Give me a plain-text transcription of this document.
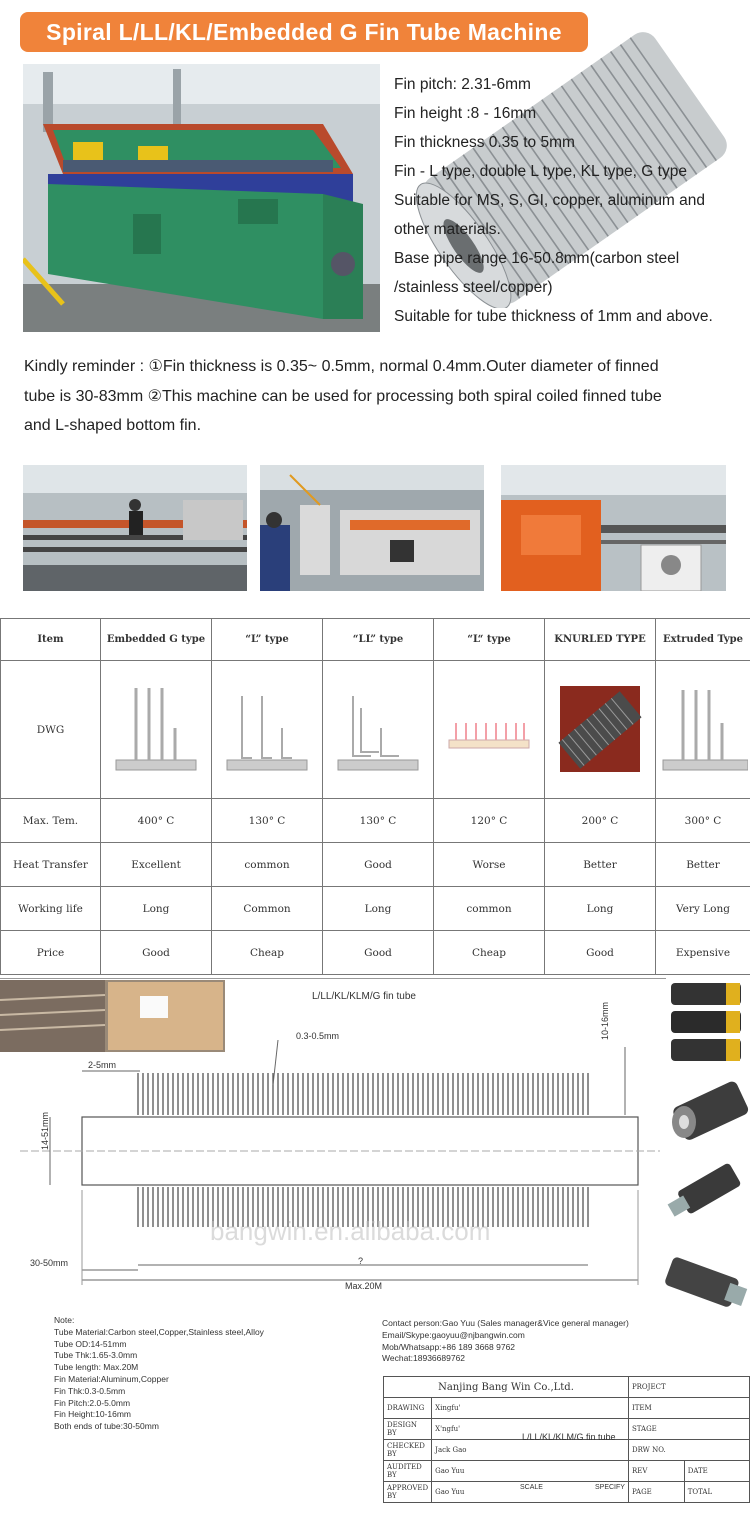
Spiral L/LL/KL/Embedded G Fin Tube Machine
Fin pitch: 2.31-6mm
Fin height :8 - 16mm
Fin thickness 0.35 to 5mm
Fin - L type, double L type, KL type, G type
Suitable for MS, S, GI, copper, aluminum and
other materials.
Base pipe range 16-50.8mm(carbon steel
/stainless steel/copper)
Suitable for tube thickness of 1mm and above.
Kindly reminder : ①Fin thickness is 0.35~ 0.5mm, normal 0.4mm.Outer diameter of finned
tube is 30-83mm ②This machine can be used for processing both spiral coiled finned tube
and L-shaped bottom fin.
Item	Embedded G type	“L” type	“LL” type	“L“ type	KNURLED TYPE	Extruded Type
DWG						
Max. Tem.	400° C	130° C	130° C	120° C	200° C	300° C
Heat Transfer	Excellent	common	Good	Worse	Better	Better
Working life	Long	Common	Long	common	Long	Very Long
Price	Good	Cheap	Good	Cheap	Good	Expensive
L/LL/KL/KLM/G fin tube
0.3-0.5mm
2-5mm
10-16mm
14-51mm
30-50mm	?
Max.20M
bangwin.en.alibaba.com
Note:
Tube Material:Carbon steel,Copper,Stainless steel,Alloy
Tube OD:14-51mm
Tube Thk:1.65-3.0mm
Tube length: Max.20M
Fin Material:Aluminum,Copper
Fin Thk:0.3-0.5mm
Fin Pitch:2.0-5.0mm
Fin Height:10-16mm
Both ends of tube:30-50mm
Contact person:Gao Yuu (Sales manager&Vice general manager)
Email/Skype:gaoyuu@njbangwin.com
Mob/Whatsapp:+86 189 3668 9762
Wechat:18936689762
Nanjing Bang Win Co.,Ltd.		PROJECT	
DRAWING	Xingfu'	ITEM	
DESIGN BY	X'ngfu'	STAGE	
CHECKED BY	Jack Gao	DRW NO.	
AUDITED BY	Gao Yuu	REV	DATE
APPROVED BY	Gao Yuu	PAGE	TOTAL
L/LL/KL/KLM/G fin tube
SCALE	SPECIFY
